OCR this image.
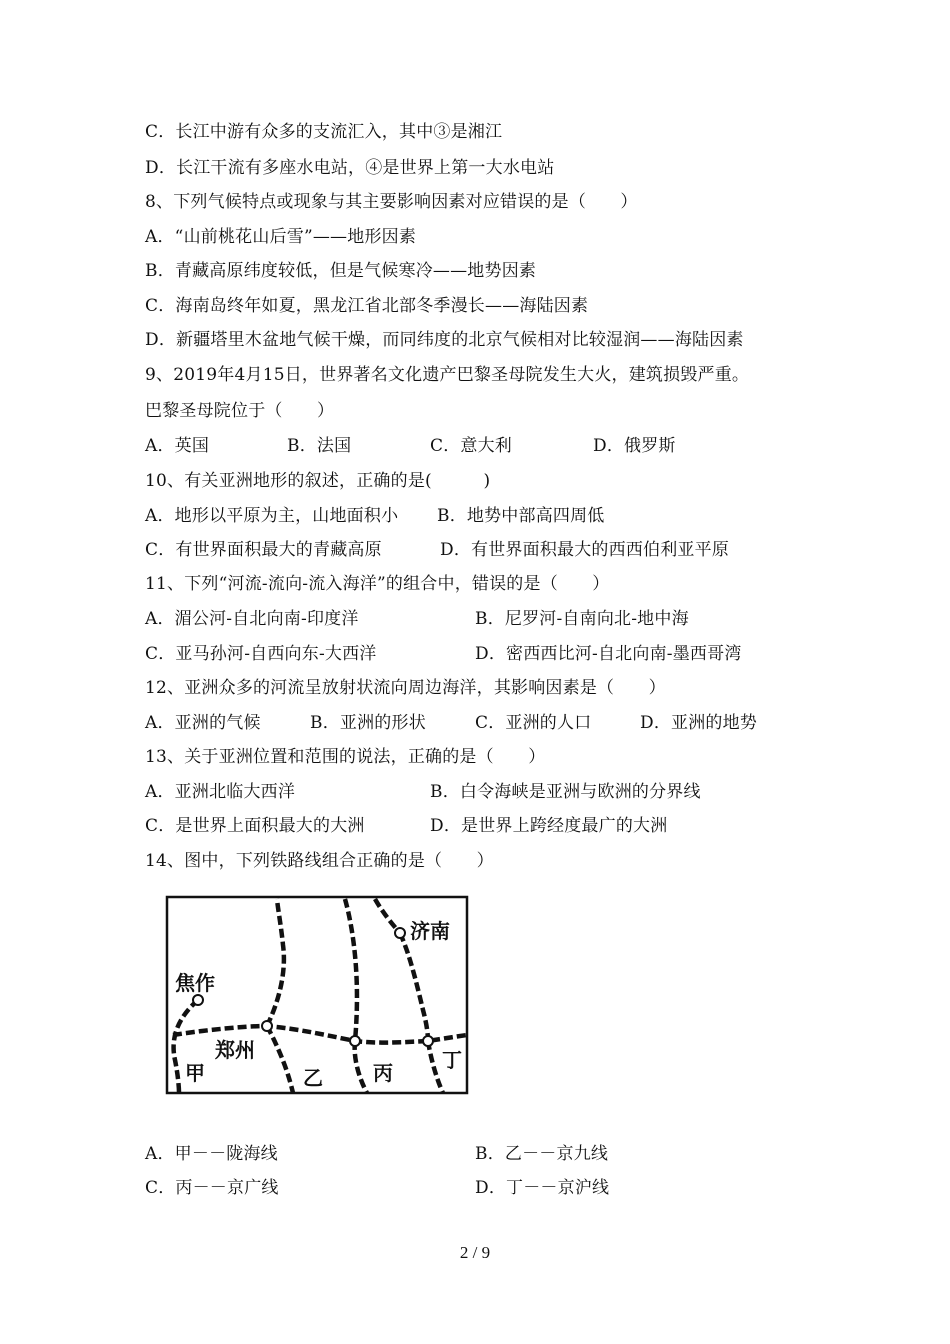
C．长江中游有众多的支流汇入，其中③是湘江
D．长江干流有多座水电站，④是世界上第一大水电站
8、下列气候特点或现象与其主要影响因素对应错误的是（　　）
A．“山前桃花山后雪”——地形因素
B．青藏高原纬度较低，但是气候寒冷——地势因素
C．海南岛终年如夏，黑龙江省北部冬季漫长——海陆因素
D．新疆塔里木盆地气候干燥，而同纬度的北京气候相对比较湿润——海陆因素
9、2019年4月15日，世界著名文化遗产巴黎圣母院发生大火，建筑损毁严重。
巴黎圣母院位于（　　）
A．英国	B．法国	C．意大利	D．俄罗斯
10、有关亚洲地形的叙述，正确的是(　　　)
A．地形以平原为主，山地面积小 B．地势中部高四周低
C．有世界面积最大的青藏高原	D．有世界面积最大的西西伯利亚平原
11、下列“河流-流向-流入海洋”的组合中，错误的是（　　）
A．湄公河-自北向南-印度洋	B．尼罗河-自南向北-地中海
C．亚马孙河-自西向东-大西洋	D．密西西比河-自北向南-墨西哥湾
12、亚洲众多的河流呈放射状流向周边海洋，其影响因素是（　　）
A．亚洲的气候	B．亚洲的形状	C．亚洲的人口	D．亚洲的地势
13、关于亚洲位置和范围的说法，正确的是（　　）
A．亚洲北临大西洋	B．白令海峡是亚洲与欧洲的分界线
C．是世界上面积最大的大洲	D．是世界上跨经度最广的大洲
14、图中，下列铁路线组合正确的是（　　）
济南
焦作
郑州
甲	乙	丙
丁
A．甲－－陇海线	B．乙－－京九线
C．丙－－京广线	D．丁－－京沪线
2 / 9
